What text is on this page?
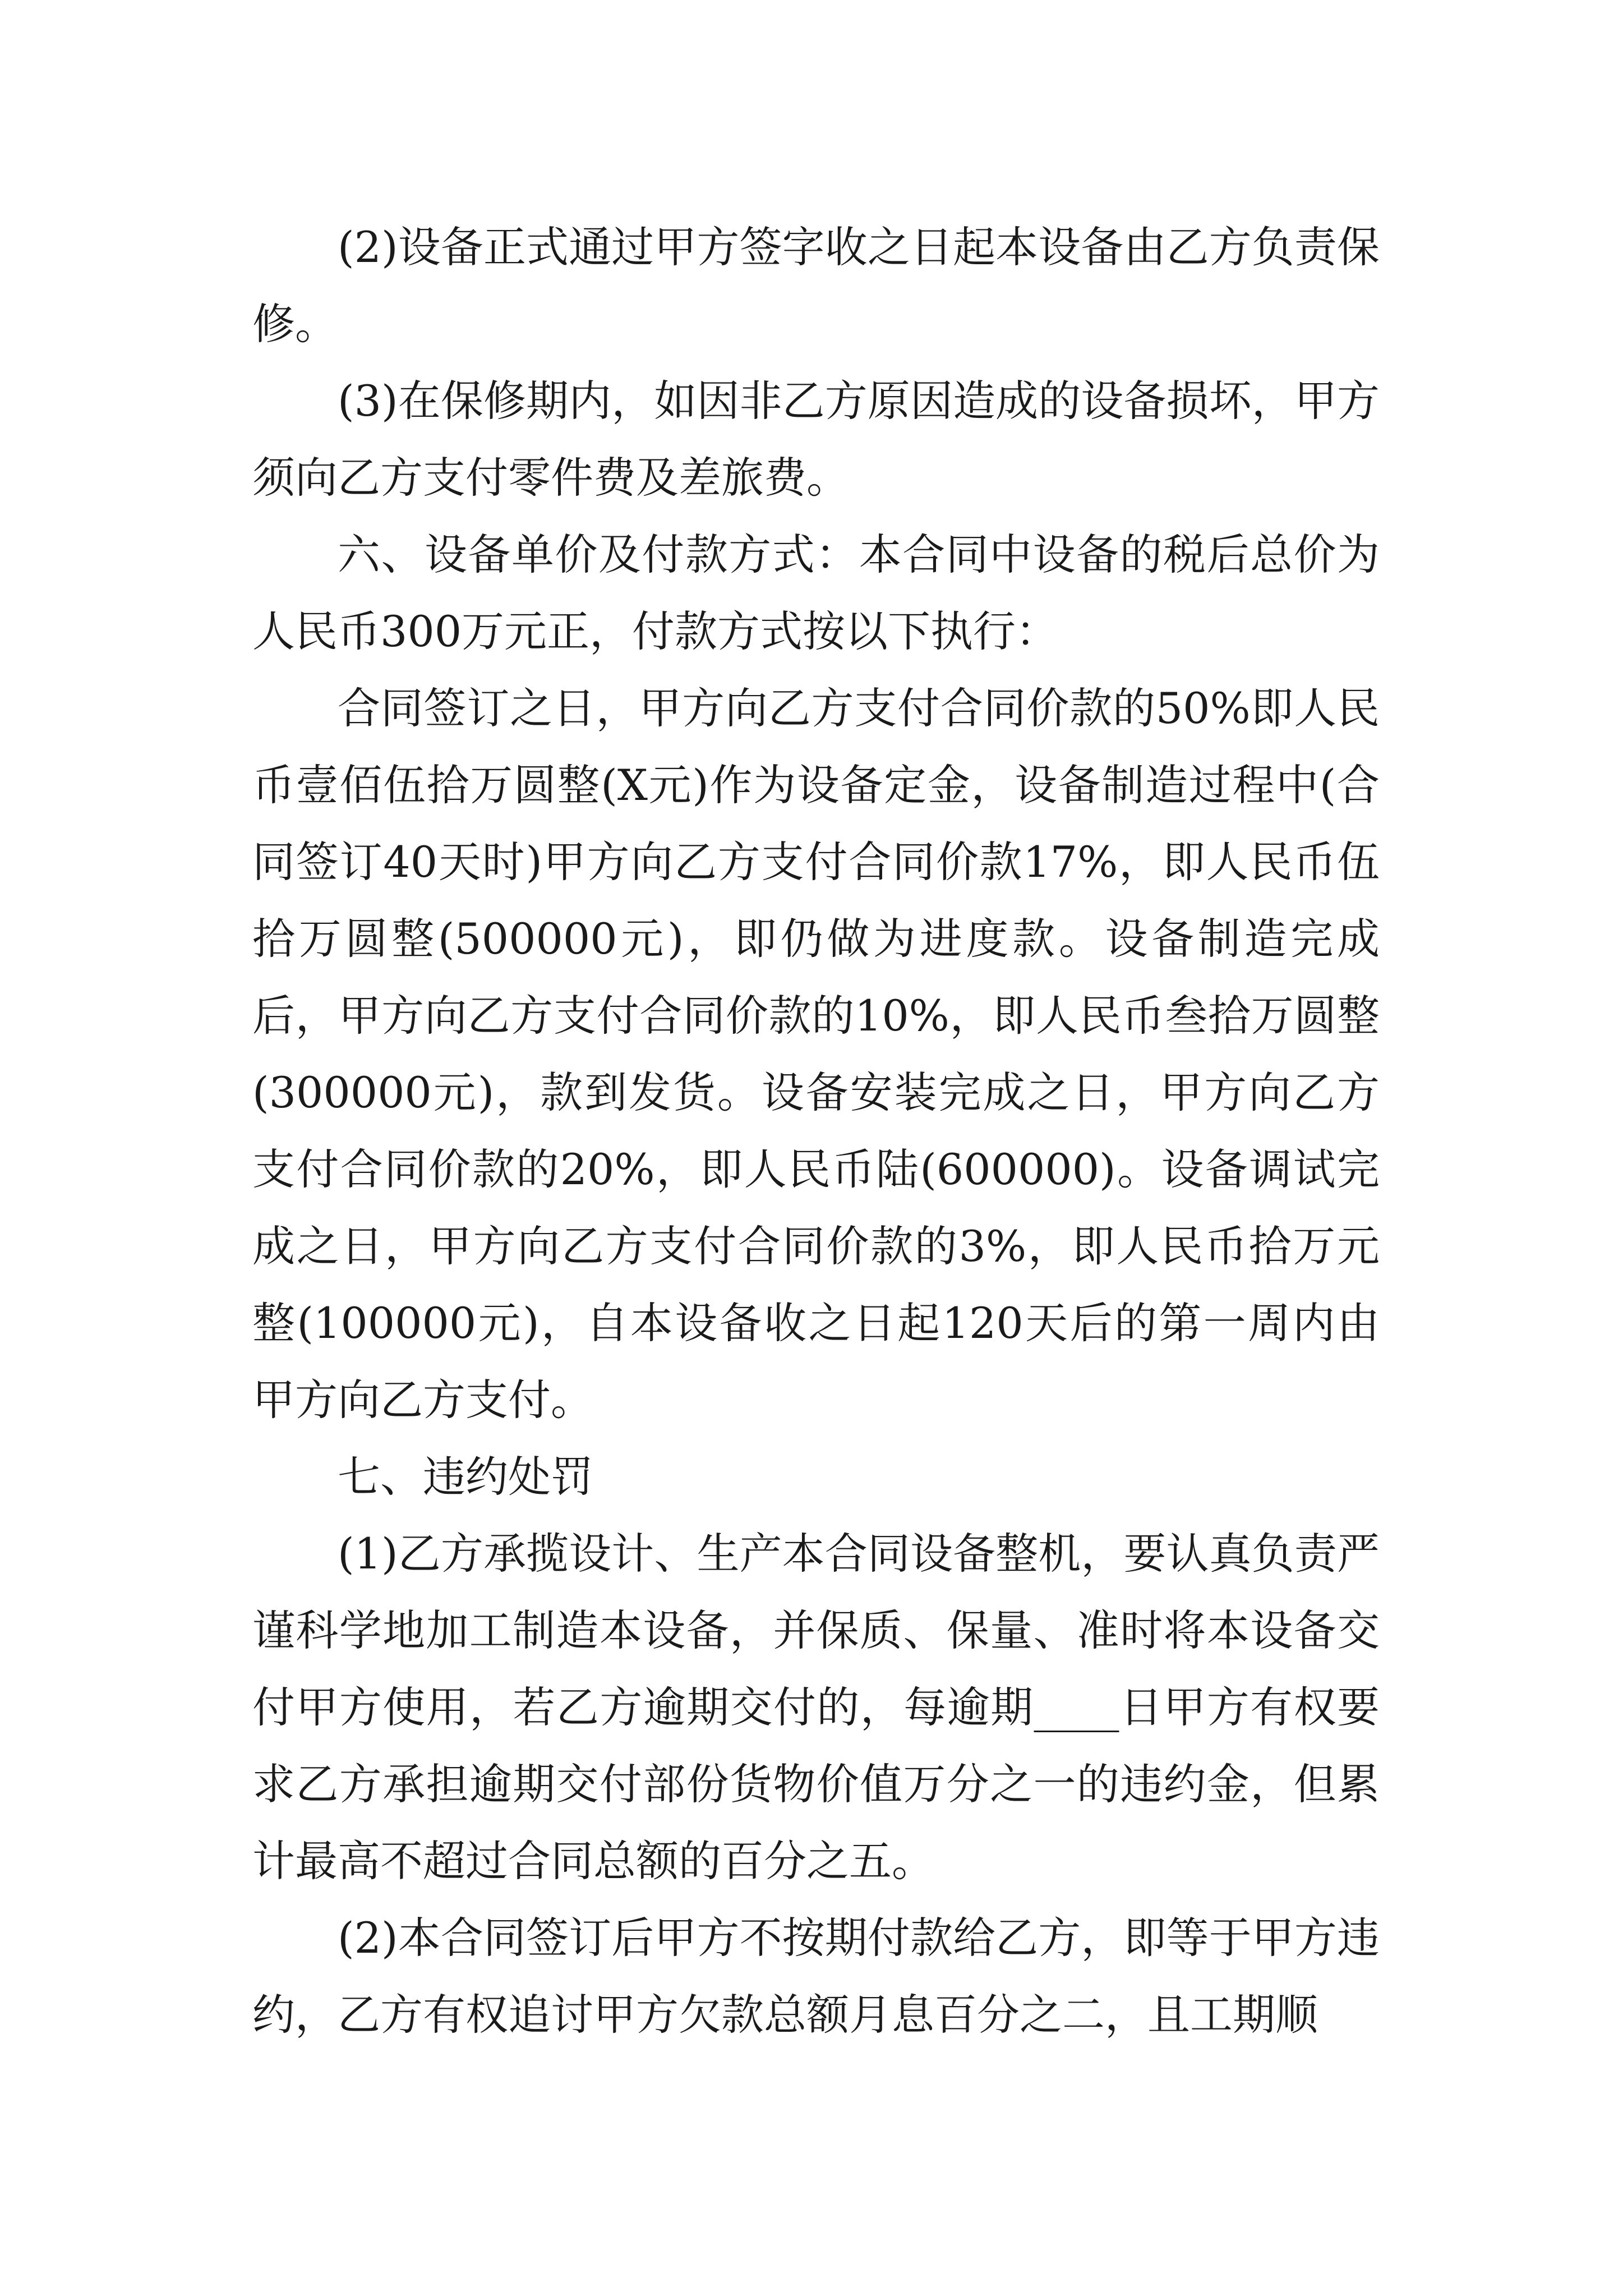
(2)设备正式通过甲方签字收之日起本设备由乙方负责保修。

(3)在保修期内，如因非乙方原因造成的设备损坏，甲方须向乙方支付零件费及差旅费。

六、设备单价及付款方式：本合同中设备的税后总价为人民币300万元正，付款方式按以下执行：

合同签订之日，甲方向乙方支付合同价款的50%即人民币壹佰伍拾万圆整(X元)作为设备定金，设备制造过程中(合同签订40天时)甲方向乙方支付合同价款17%，即人民币伍拾万圆整(500000元)，即仍做为进度款。设备制造完成后，甲方向乙方支付合同价款的10%，即人民币叁拾万圆整(300000元)，款到发货。设备安装完成之日，甲方向乙方支付合同价款的20%，即人民币陆(600000)。设备调试完成之日，甲方向乙方支付合同价款的3%，即人民币拾万元整(100000元)，自本设备收之日起120天后的第一周内由甲方向乙方支付。

七、违约处罚

(1)乙方承揽设计、生产本合同设备整机，要认真负责严谨科学地加工制造本设备，并保质、保量、准时将本设备交付甲方使用，若乙方逾期交付的，每逾期____日甲方有权要求乙方承担逾期交付部份货物价值万分之一的违约金，但累计最高不超过合同总额的百分之五。

(2)本合同签订后甲方不按期付款给乙方，即等于甲方违约，乙方有权追讨甲方欠款总额月息百分之二，且工期顺
